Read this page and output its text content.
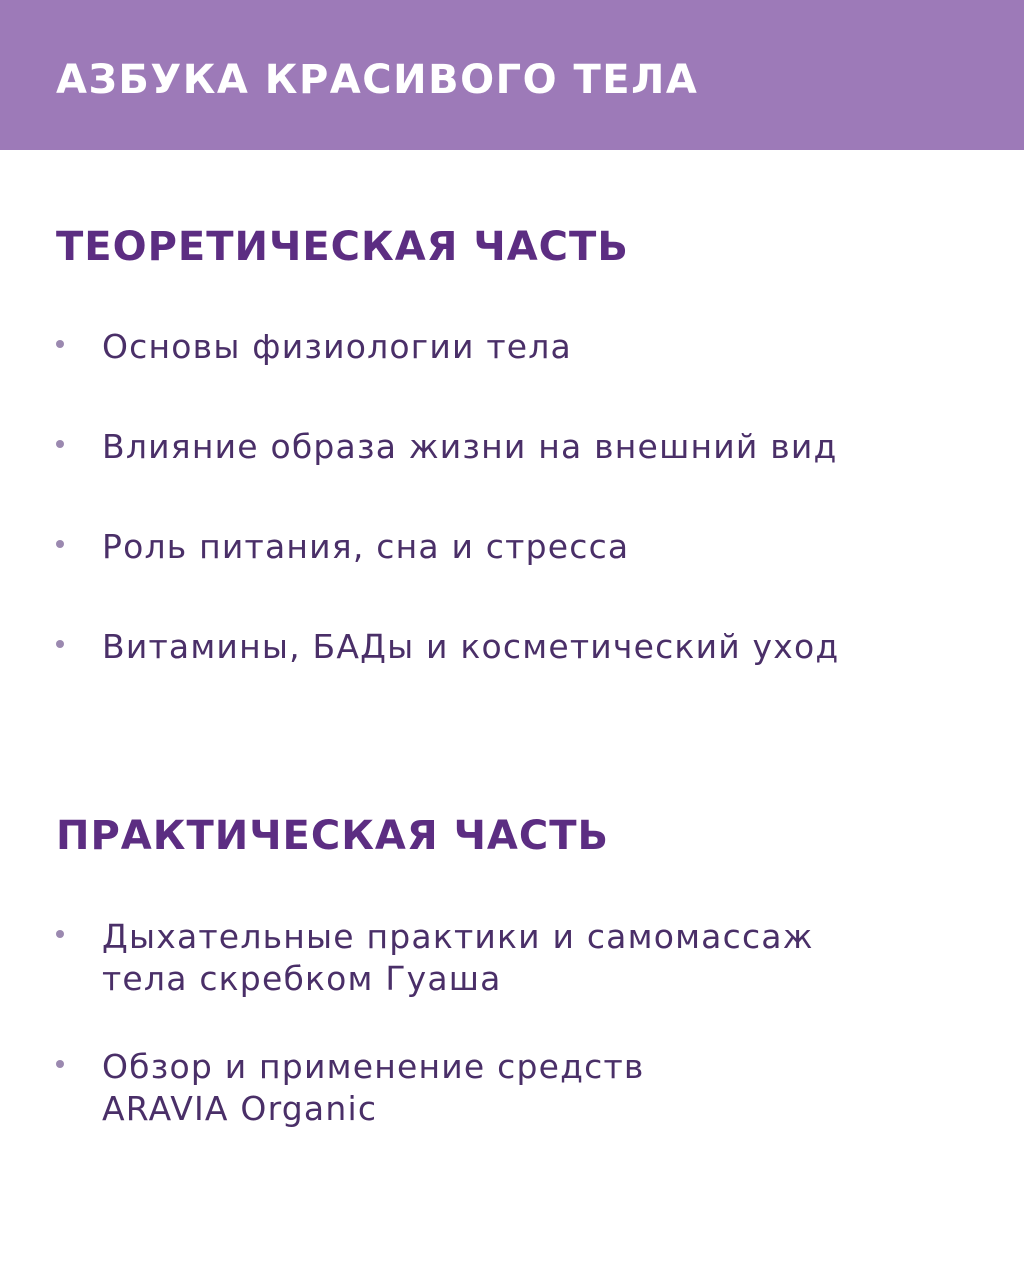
АЗБУКА КРАСИВОГО ТЕЛА
ТЕОРЕТИЧЕСКАЯ ЧАСТЬ
Основы физиологии тела
Влияние образа жизни на внешний вид
Роль питания, сна и стресса
Витамины, БАДы и косметический уход
ПРАКТИЧЕСКАЯ ЧАСТЬ
Дыхательные практики и самомассаж
тела скребком Гуаша
Обзор и применение средств
ARAVIA Organic
